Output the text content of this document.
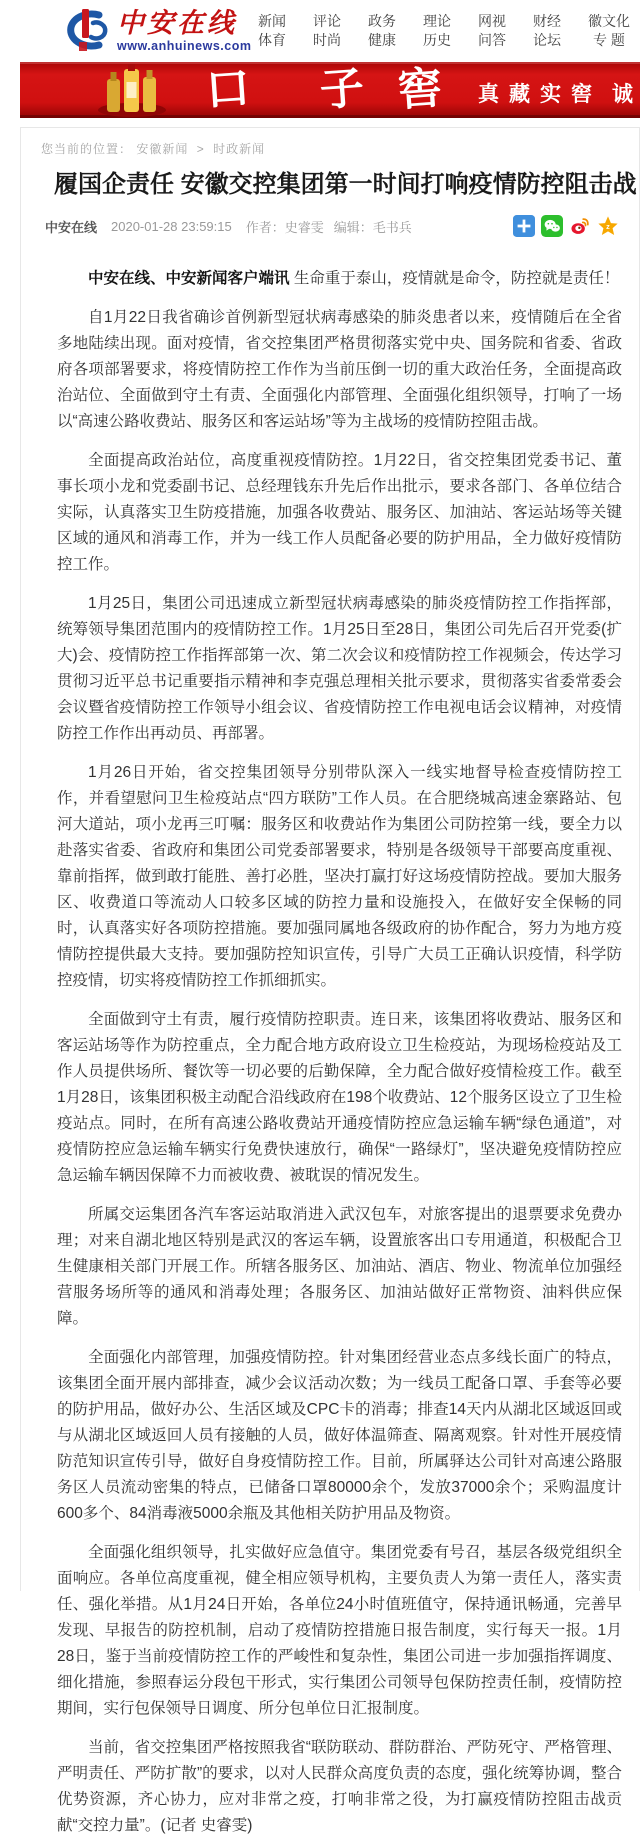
中安在线
www.anhuinews.com
新闻
体育
评论
时尚
政务
健康
理论
历史
网视
问答
财经
论坛
徽文化
专 题
口 子 窖 真藏实窖 诚
您当前的位置： 安徽新闻 > 时政新闻
履国企责任 安徽交控集团第一时间打响疫情防控阻击战
中安在线 2020-01-28 23:59:15 作者：史睿雯 编辑：毛书兵	z

中安在线、中安新闻客户端讯 生命重于泰山，疫情就是命令，防控就是责任！

自1月22日我省确诊首例新型冠状病毒感染的肺炎患者以来，疫情随后在全省多地陆续出现。面对疫情，省交控集团严格贯彻落实党中央、国务院和省委、省政府各项部署要求，将疫情防控工作作为当前压倒一切的重大政治任务，全面提高政治站位、全面做到守土有责、全面强化内部管理、全面强化组织领导，打响了一场以“高速公路收费站、服务区和客运站场”等为主战场的疫情防控阻击战。

全面提高政治站位，高度重视疫情防控。1月22日，省交控集团党委书记、董事长项小龙和党委副书记、总经理钱东升先后作出批示，要求各部门、各单位结合实际，认真落实卫生防疫措施，加强各收费站、服务区、加油站、客运站场等关键区域的通风和消毒工作，并为一线工作人员配备必要的防护用品，全力做好疫情防控工作。

1月25日，集团公司迅速成立新型冠状病毒感染的肺炎疫情防控工作指挥部，统筹领导集团范围内的疫情防控工作。1月25日至28日，集团公司先后召开党委(扩大)会、疫情防控工作指挥部第一次、第二次会议和疫情防控工作视频会，传达学习贯彻习近平总书记重要指示精神和李克强总理相关批示要求，贯彻落实省委常委会会议暨省疫情防控工作领导小组会议、省疫情防控工作电视电话会议精神，对疫情防控工作作出再动员、再部署。

1月26日开始，省交控集团领导分别带队深入一线实地督导检查疫情防控工作，并看望慰问卫生检疫站点“四方联防”工作人员。在合肥绕城高速金寨路站、包河大道站，项小龙再三叮嘱：服务区和收费站作为集团公司防控第一线，要全力以赴落实省委、省政府和集团公司党委部署要求，特别是各级领导干部要高度重视、靠前指挥，做到敢打能胜、善打必胜，坚决打赢打好这场疫情防控战。要加大服务区、收费道口等流动人口较多区域的防控力量和设施投入，在做好安全保畅的同时，认真落实好各项防控措施。要加强同属地各级政府的协作配合，努力为地方疫情防控提供最大支持。要加强防控知识宣传，引导广大员工正确认识疫情，科学防控疫情，切实将疫情防控工作抓细抓实。

全面做到守土有责，履行疫情防控职责。连日来，该集团将收费站、服务区和客运站场等作为防控重点，全力配合地方政府设立卫生检疫站，为现场检疫站及工作人员提供场所、餐饮等一切必要的后勤保障，全力配合做好疫情检疫工作。截至1月28日，该集团积极主动配合沿线政府在198个收费站、12个服务区设立了卫生检疫站点。同时，在所有高速公路收费站开通疫情防控应急运输车辆“绿色通道”，对疫情防控应急运输车辆实行免费快速放行，确保“一路绿灯”，坚决避免疫情防控应急运输车辆因保障不力而被收费、被耽误的情况发生。

所属交运集团各汽车客运站取消进入武汉包车，对旅客提出的退票要求免费办理；对来自湖北地区特别是武汉的客运车辆，设置旅客出口专用通道，积极配合卫生健康相关部门开展工作。所辖各服务区、加油站、酒店、物业、物流单位加强经营服务场所等的通风和消毒处理；各服务区、加油站做好正常物资、油料供应保障。

全面强化内部管理，加强疫情防控。针对集团经营业态点多线长面广的特点，该集团全面开展内部排查，减少会议活动次数；为一线员工配备口罩、手套等必要的防护用品，做好办公、生活区域及CPC卡的消毒；排查14天内从湖北区域返回或与从湖北区域返回人员有接触的人员，做好体温筛查、隔离观察。针对性开展疫情防范知识宣传引导，做好自身疫情防控工作。目前，所属驿达公司针对高速公路服务区人员流动密集的特点，已储备口罩80000余个，发放37000余个；采购温度计600多个、84消毒液5000余瓶及其他相关防护用品及物资。

全面强化组织领导，扎实做好应急值守。集团党委有号召，基层各级党组织全面响应。各单位高度重视，健全相应领导机构，主要负责人为第一责任人，落实责任、强化举措。从1月24日开始，各单位24小时值班值守，保持通讯畅通，完善早发现、早报告的防控机制，启动了疫情防控措施日报告制度，实行每天一报。1月28日，鉴于当前疫情防控工作的严峻性和复杂性，集团公司进一步加强指挥调度、细化措施，参照春运分段包干形式，实行集团公司领导包保防控责任制，疫情防控期间，实行包保领导日调度、所分包单位日汇报制度。

当前，省交控集团严格按照我省“联防联动、群防群治、严防死守、严格管理、严明责任、严防扩散”的要求，以对人民群众高度负责的态度，强化统筹协调，整合优势资源，齐心协力，应对非常之疫，打响非常之役，为打赢疫情防控阻击战贡献“交控力量”。(记者 史睿雯)
